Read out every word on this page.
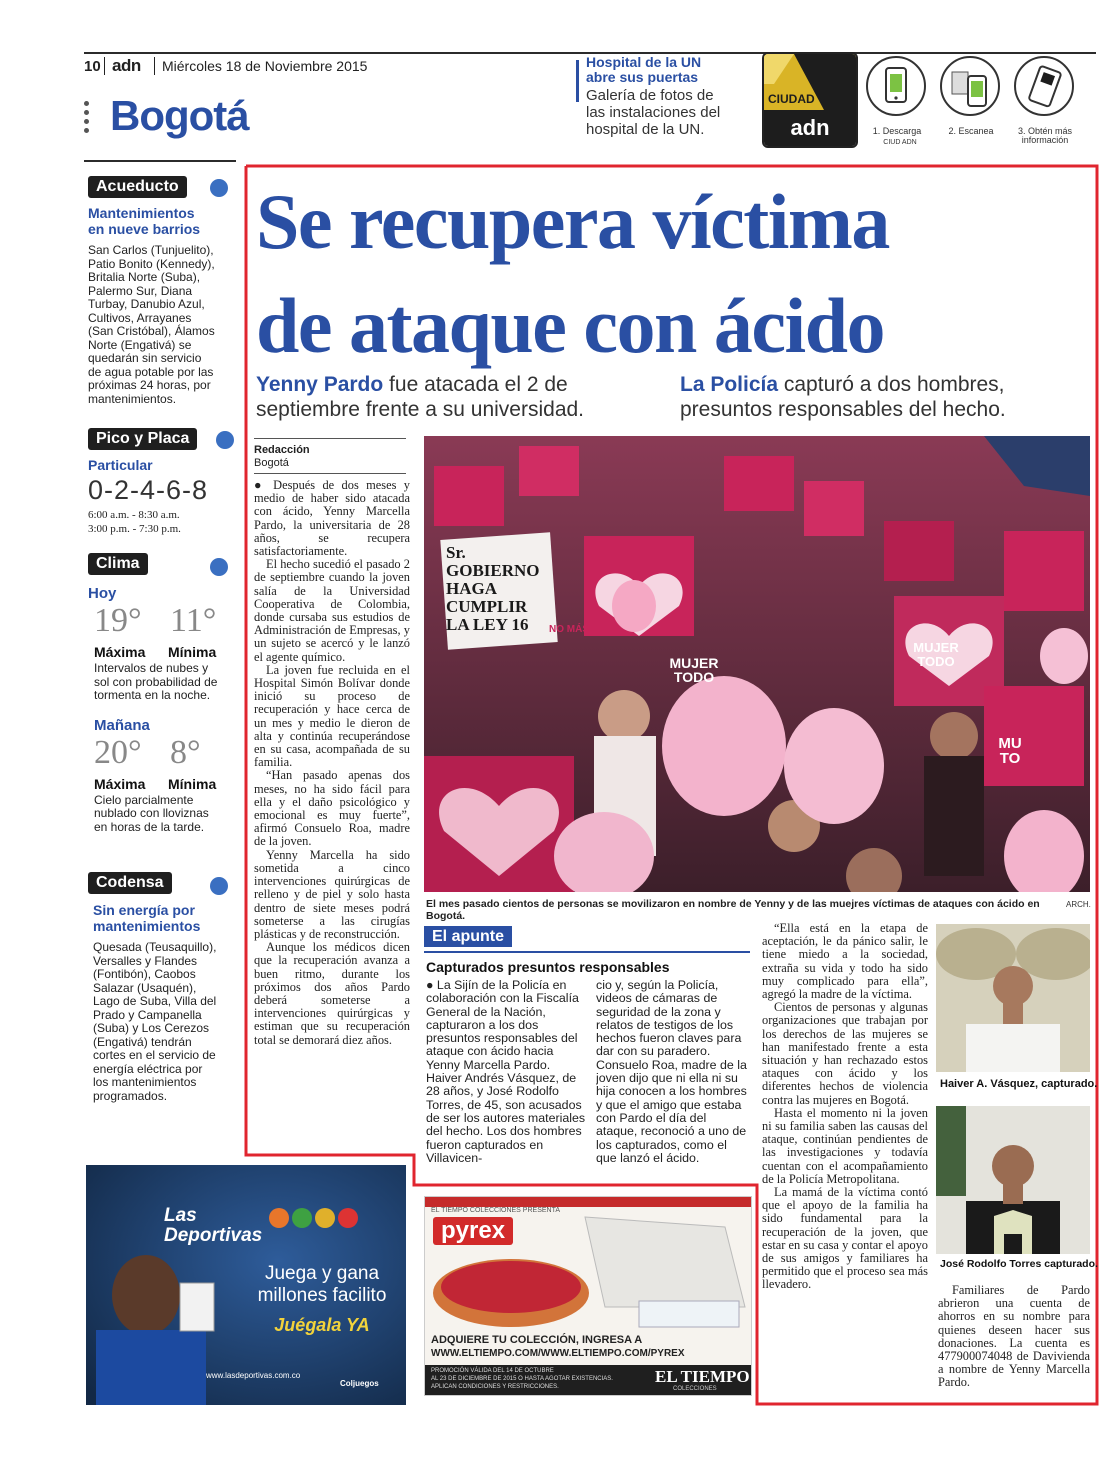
10 adn Miércoles 18 de Noviembre 2015
Bogotá
Hospital de la UN
abre sus puertas
Galería de fotos de
las instalaciones del
hospital de la UN.
CIUDAD
adn	1. Descarga	2. Escanea	3. Obtén más información
CIUD ADN
Acueducto
Mantenimientos
en nueve barrios
San Carlos (Tunjuelito),
Patio Bonito (Kennedy),
Britalia Norte (Suba),
Palermo Sur, Diana
Turbay, Danubio Azul,
Cultivos, Arrayanes
(San Cristóbal), Álamos
Norte (Engativá) se
quedarán sin servicio
de agua potable por las
próximas 24 horas, por
mantenimientos.
Pico y Placa
Particular
0-2-4-6-8
6:00 a.m. - 8:30 a.m.
3:00 p.m. - 7:30 p.m.
Clima
Hoy
19° 11°
Máxima Mínima
Intervalos de nubes y
sol con probabilidad de
tormenta en la noche.
Mañana
20° 8°
Máxima Mínima
Cielo parcialmente
nublado con lloviznas
en horas de la tarde.
Codensa
Sin energía por
mantenimientos
Quesada (Teusaquillo),
Versalles y Flandes
(Fontibón), Caobos
Salazar (Usaquén),
Lago de Suba, Villa del
Prado y Campanella
(Suba) y Los Cerezos
(Engativá) tendrán
cortes en el servicio de
energía eléctrica por
los mantenimientos
programados.
Se recupera víctima
de ataque con ácido
Yenny Pardo fue atacada el 2 de
septiembre frente a su universidad.
La Policía capturó a dos hombres,
presuntos responsables del hecho.
Redacción
Bogotá

● Después de dos meses y medio de haber sido atacada con ácido, Yenny Marcella Pardo, la universitaria de 28 años, se recupera satisfactoriamente.

El hecho sucedió el pasado 2 de septiembre cuando la joven salía de la Universidad Cooperativa de Colombia, donde cursaba sus estudios de Administración de Empresas, y un sujeto se acercó y le lanzó el agente químico.

La joven fue recluida en el Hospital Simón Bolívar donde inició su proceso de recuperación y hace cerca de un mes y medio le dieron de alta y continúa recuperándose en su casa, acompañada de su familia.

“Han pasado apenas dos meses, no ha sido fácil para ella y el daño psicológico y emocional es muy fuerte”, afirmó Consuelo Roa, madre de la joven.

Yenny Marcella ha sido sometida a cinco intervenciones quirúrgicas de relleno y de piel y solo hasta dentro de siete meses podrá someterse a las cirugías plásticas y de reconstrucción.

Aunque los médicos dicen que la recuperación avanza a buen ritmo, durante los próximos dos años Pardo deberá someterse a intervenciones quirúrgicas y estiman que su recuperación total se demorará diez años.

Sr. GOBIERNO HAGA CUMPLIR LA LEY 16
MUJER TODO
NO MÁS
MUJER TODO
MU TO
El mes pasado cientos de personas se movilizaron en nombre de Yenny y de las muejres víctimas de ataques con ácido en Bogotá.
ARCH.
El apunte
Capturados presuntos responsables
● La Sijín de la Policía en colaboración con la Fiscalía General de la Nación, capturaron a los dos presuntos responsables del ataque con ácido hacia Yenny Marcella Pardo. Haiver Andrés Vásquez, de 28 años, y José Rodolfo Torres, de 45, son acusados de ser los autores materiales del hecho. Los dos hombres fueron capturados en Villavicen-
cio y, según la Policía, videos de cámaras de seguridad de la zona y relatos de testigos de los hechos fueron claves para dar con su paradero. Consuelo Roa, madre de la joven dijo que ni ella ni su hija conocen a los hombres y que el amigo que estaba con Pardo el día del ataque, reconoció a uno de los capturados, como el que lanzó el ácido.

“Ella está en la etapa de aceptación, le da pánico salir, le tiene miedo a la sociedad, extraña su vida y todo ha sido muy complicado para ella”, agregó la madre de la víctima.

Cientos de personas y algunas organizaciones que trabajan por los derechos de las mujeres se han manifestado frente a esta situación y han rechazado estos ataques con ácido y los diferentes hechos de violencia contra las mujeres en Bogotá.

Hasta el momento ni la joven ni su familia saben las causas del ataque, continúan pendientes de las investigaciones y todavía cuentan con el acompañamiento de la Policía Metropolitana.

La mamá de la víctima contó que el apoyo de la familia ha sido fundamental para la recuperación de la joven, que estar en su casa y contar el apoyo de sus amigos y familiares ha permitido que el proceso sea más llevadero.

Haiver A. Vásquez, capturado.
José Rodolfo Torres capturado.
Familiares de Pardo abrieron una cuenta de ahorros en su nombre para quienes deseen hacer sus donaciones. La cuenta es 477900074048 de Davivienda a nombre de Yenny Marcella Pardo.
Las
Deportivas
Juega y gana
millones facilito
Juégala YA
www.lasdeportivas.com.co
Coljuegos
EL TIEMPO COLECCIONES PRESENTA
pyrex
ADQUIERE TU COLECCIÓN, INGRESA A
WWW.ELTIEMPO.COM/WWW.ELTIEMPO.COM/PYREX
PROMOCIÓN VÁLIDA DEL 14 DE OCTUBRE
AL 23 DE DICIEMBRE DE 2015 O HASTA AGOTAR EXISTENCIAS.
APLICAN CONDICIONES Y RESTRICCIONES.
EL TIEMPO
COLECCIONES
